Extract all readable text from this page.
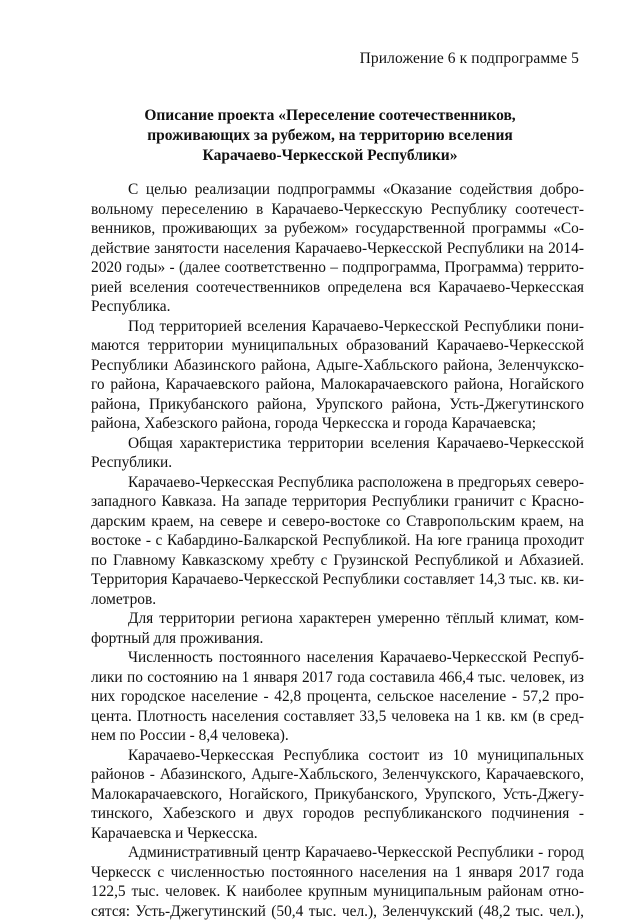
Приложение 6 к подпрограмме 5
Описание проекта «Переселение соотечественников,
проживающих за рубежом, на территорию вселения
Карачаево-Черкесской Республики»
С целью реализации подпрограммы «Оказание содействия добро-
вольному переселению в Карачаево-Черкесскую Республику соотечест-
венников, проживающих за рубежом» государственной программы «Со-
действие занятости населения Карачаево-Черкесской Республики на 2014-
2020 годы» - (далее соответственно – подпрограмма, Программа) террито-
рией вселения соотечественников определена вся Карачаево-Черкесская
Республика.
Под территорией вселения Карачаево-Черкесской Республики пони-
маются территории муниципальных образований Карачаево-Черкесской
Республики Абазинского района, Адыге-Хабльского района, Зеленчукско-
го района, Карачаевского района, Малокарачаевского района, Ногайского
района, Прикубанского района, Урупского района, Усть-Джегутинского
района, Хабезского района, города Черкесска и города Карачаевска;
Общая характеристика территории вселения Карачаево-Черкесской
Республики.
Карачаево-Черкесская Республика расположена в предгорьях северо-
западного Кавказа. На западе территория Республики граничит с Красно-
дарским краем, на севере и северо-востоке со Ставропольским краем, на
востоке - с Кабардино-Балкарской Республикой. На юге граница проходит
по Главному Кавказскому хребту с Грузинской Республикой и Абхазией.
Территория Карачаево-Черкесской Республики составляет 14,3 тыс. кв. ки-
лометров.
Для территории региона характерен умеренно тёплый климат, ком-
фортный для проживания.
Численность постоянного населения Карачаево-Черкесской Респуб-
лики по состоянию на 1 января 2017 года составила 466,4 тыс. человек, из
них городское население - 42,8 процента, сельское население - 57,2 про-
цента. Плотность населения составляет 33,5 человека на 1 кв. км (в сред-
нем по России - 8,4 человека).
Карачаево-Черкесская Республика состоит из 10 муниципальных
районов - Абазинского, Адыге-Хабльского, Зеленчукского, Карачаевского,
Малокарачаевского, Ногайского, Прикубанского, Урупского, Усть-Джегу-
тинского, Хабезского и двух городов республиканского подчинения -
Карачаевска и Черкесска.
Административный центр Карачаево-Черкесской Республики - город
Черкесск с численностью постоянного населения на 1 января 2017 года
122,5 тыс. человек. К наиболее крупным муниципальным районам отно-
сятся: Усть-Джегутинский (50,4 тыс. чел.), Зеленчукский (48,2 тыс. чел.),
